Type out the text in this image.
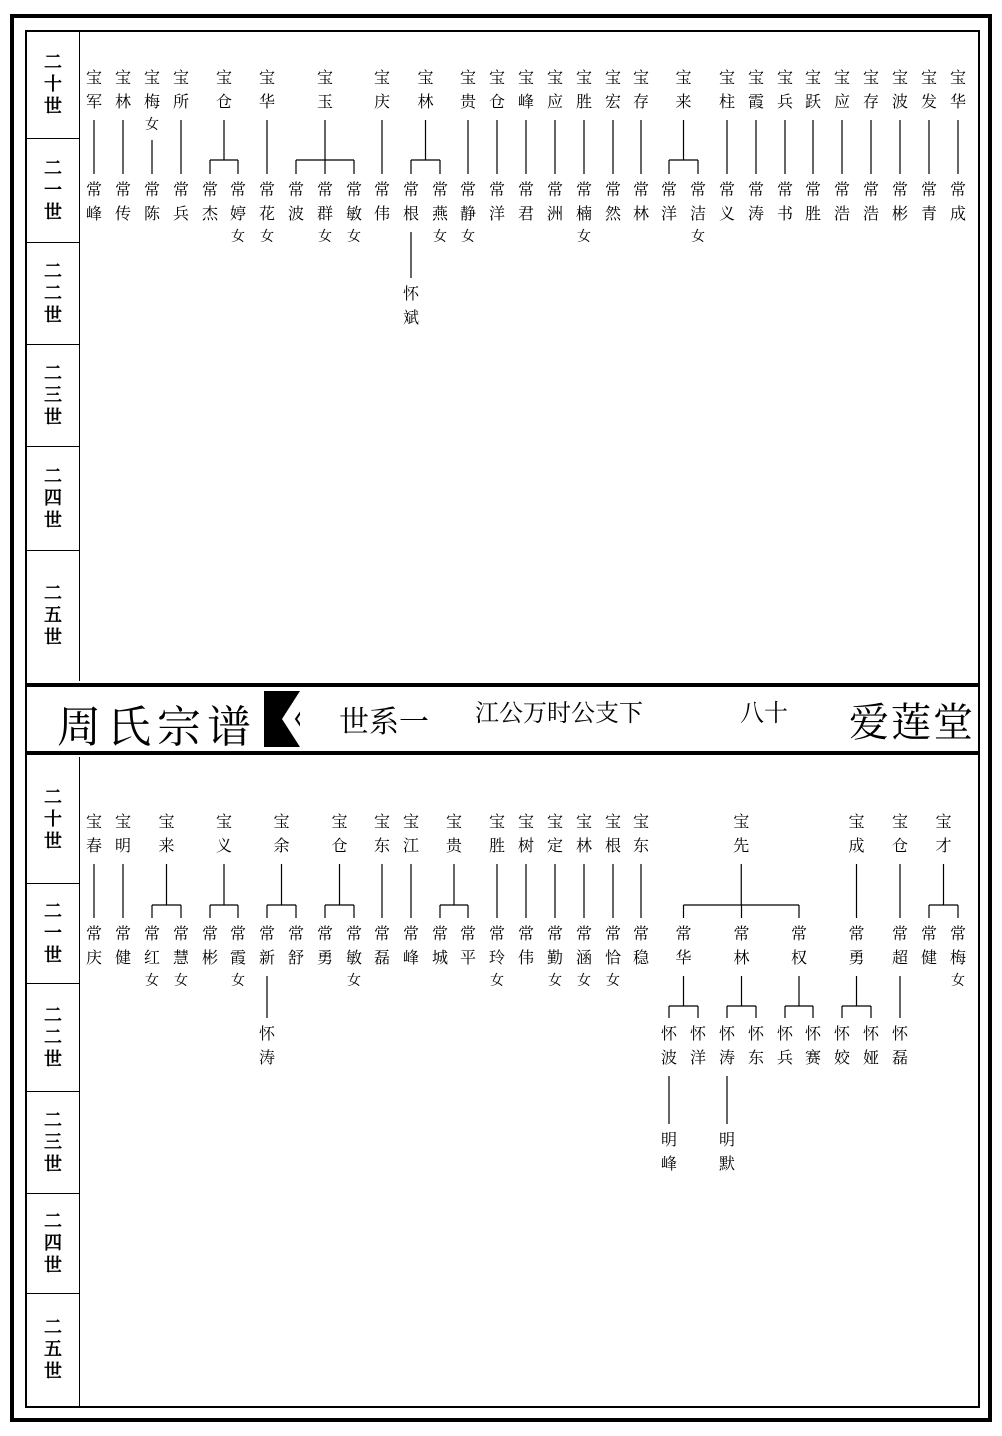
二
十
世
二
一
世
二
二
世
二
三
世
二
四
世
二
五
世
二
十
世
二
一
世
二
二
世
二
三
世
二
四
世
二
五
世
周氏宗谱	世系一 江公万时公支下	八十 爱莲堂
常
峰
宝
军
常
传
宝
林
常
陈
宝
梅
女
常
兵
宝
所
常
杰
常
婷
女
宝
仓
常
花
女
宝
华
常
波
常
群
女
常
敏
女
宝
玉
常
伟
宝
庆
怀
斌
常
根
常
燕
女
宝
林
常
静
女
宝
贵
常
洋
宝
仓
常
君
宝
峰
常
洲
宝
应
常
楠
女
宝
胜
常
然
宝
宏
常
林
宝
存
常
洋
常
洁
女
宝
来
常
义
宝
柱
常
涛
宝
霞
常
书
宝
兵
常
胜
宝
跃
常
浩
宝
应
常
浩
宝
存
常
彬
宝
波
常
青
宝
发
常
成
宝
华
常
庆
宝
春
常
健
宝
明
常
红
女
常
慧
女
宝
来
常
彬
常
霞
女
宝
义
怀
涛
常
新
常
舒
宝
余
常
勇
常
敏
女
宝
仓
常
磊
宝
东
常
峰
宝
江
常
城
常
平
宝
贵
常
玲
女
宝
胜
常
伟
宝
树
常
勤
女
宝
定
常
涵
女
宝
林
常
恰
女
宝
根
常
稳
宝
东
明
峰
怀
波
怀
洋
常
华
明
默
怀
涛
怀
东
常
林
怀
兵
怀
赛
常
权
宝
先
怀
姣
怀
娅
常
勇
宝
成
怀
磊
常
超
宝
仓
常
健
常
梅
女
宝
才
